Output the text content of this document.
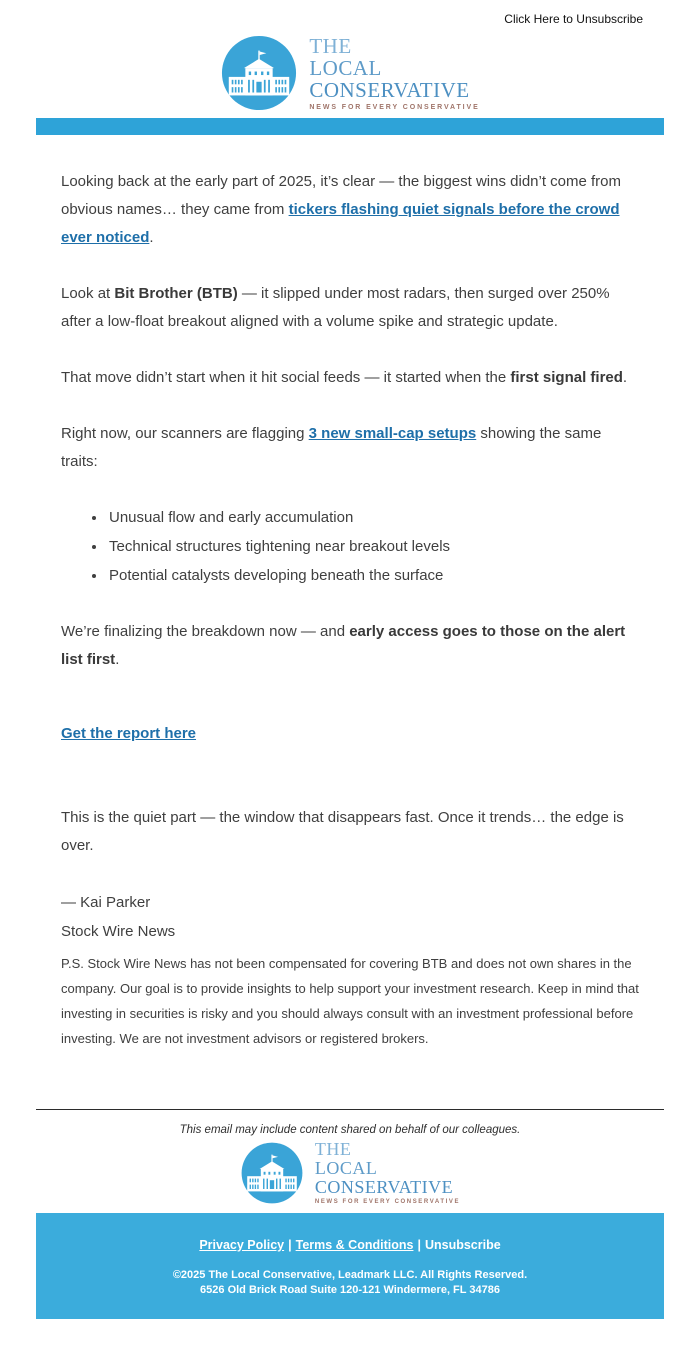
Click Here to Unsubscribe
THE
LOCAL
CONSERVATIVE
NEWS FOR EVERY CONSERVATIVE

Looking back at the early part of 2025, it’s clear — the biggest wins didn’t come from obvious names… they came from tickers flashing quiet signals before the crowd ever noticed.

Look at Bit Brother (BTB) — it slipped under most radars, then surged over 250% after a low-float breakout aligned with a volume spike and strategic update.

That move didn’t start when it hit social feeds — it started when the first signal fired.

Right now, our scanners are flagging 3 new small-cap setups showing the same traits:

• Unusual flow and early accumulation
• Technical structures tightening near breakout levels
• Potential catalysts developing beneath the surface

We’re finalizing the breakdown now — and early access goes to those on the alert list first.

Get the report here

This is the quiet part — the window that disappears fast. Once it trends… the edge is over.

— Kai Parker
Stock Wire News
P.S. Stock Wire News has not been compensated for covering BTB and does not own shares in the company. Our goal is to provide insights to help support your investment research. Keep in mind that investing in securities is risky and you should always consult with an investment professional before investing. We are not investment advisors or registered brokers.
This email may include content shared on behalf of our colleagues.
THE
LOCAL
CONSERVATIVE
NEWS FOR EVERY CONSERVATIVE
Privacy Policy | Terms & Conditions | Unsubscribe
©2025 The Local Conservative, Leadmark LLC. All Rights Reserved.
6526 Old Brick Road Suite 120-121 Windermere, FL 34786
